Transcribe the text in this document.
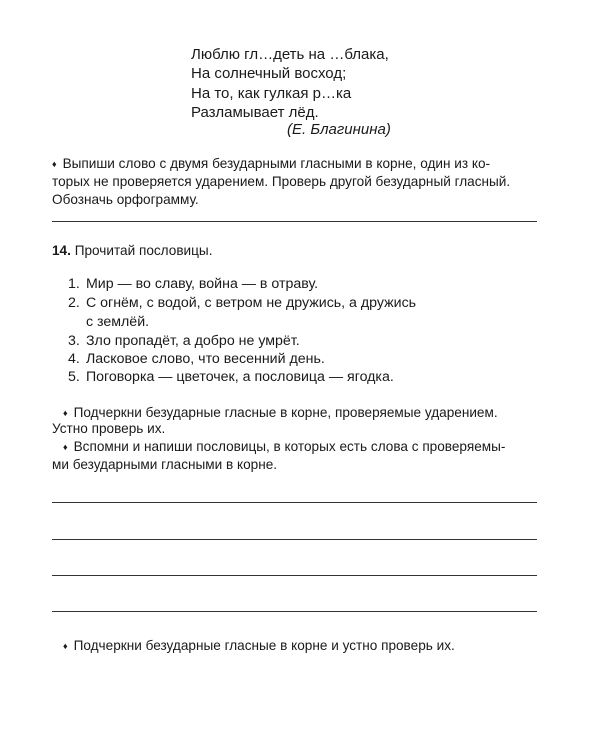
Люблю гл…деть на …блака,
На солнечный восход;
На то, как гулкая р…ка
Разламывает лёд.
(Е. Благинина)
♦ Выпиши слово с двумя безударными гласными в корне, один из ко-
торых не проверяется ударением. Проверь другой безударный гласный.
Обозначь орфограмму.
14. Прочитай пословицы.
1. Мир — во славу, война — в отраву.
2. С огнём, с водой, с ветром не дружись, а дружись
с землёй.
3. Зло пропадёт, а добро не умрёт.
4. Ласковое слово, что весенний день.
5. Поговорка — цветочек, а пословица — ягодка.
♦ Подчеркни безударные гласные в корне, проверяемые ударением.
Устно проверь их.
♦ Вспомни и напиши пословицы, в которых есть слова с проверяемы-
ми безударными гласными в корне.
♦ Подчеркни безударные гласные в корне и устно проверь их.
